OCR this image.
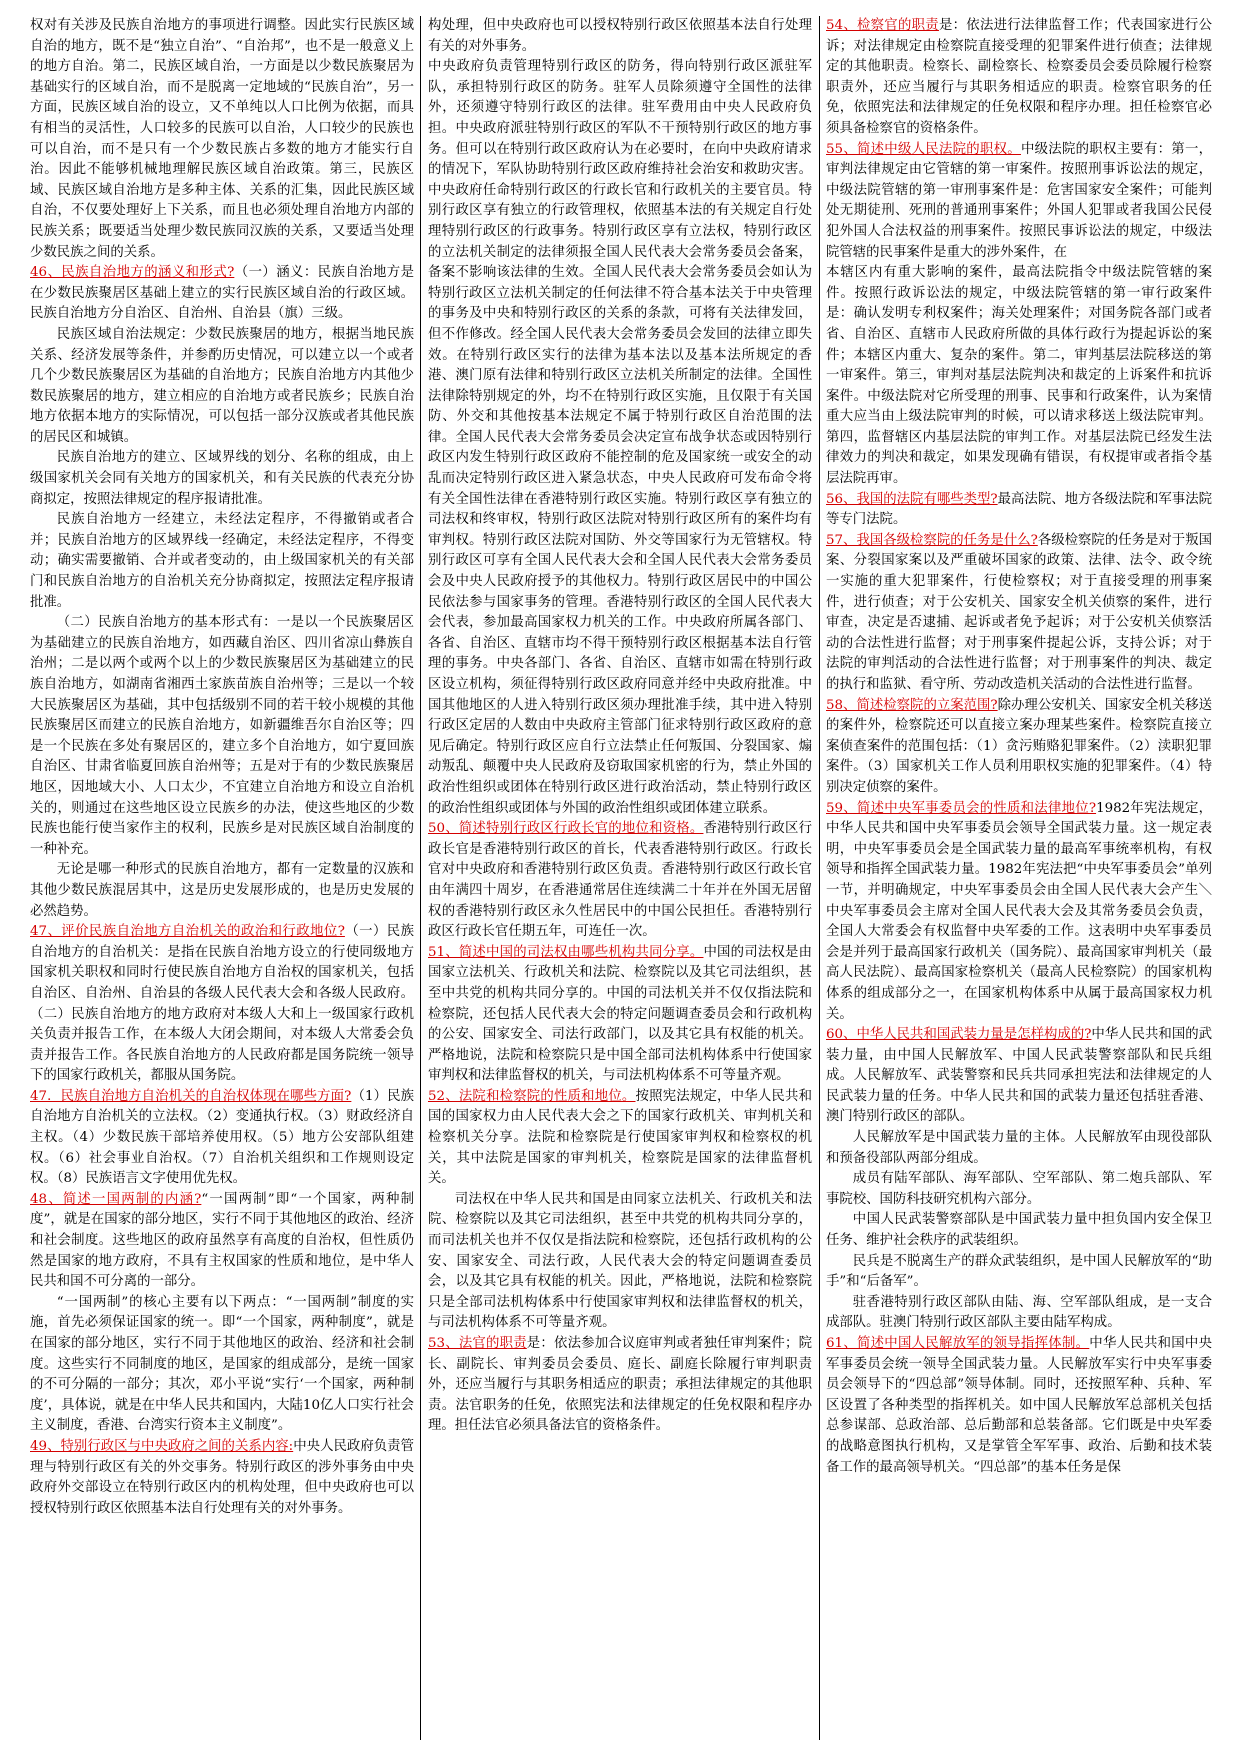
权对有关涉及民族自治地方的事项进行调整。因此实行民族区域自治的地方，既不是“独立自治”、“自治邦”，也不是一般意义上的地方自治。第二，民族区域自治，一方面是以少数民族聚居为基础实行的区域自治，而不是脱离一定地域的“民族自治”，另一方面，民族区域自治的设立，又不单纯以人口比例为依据，而具有相当的灵活性，人口较多的民族可以自治，人口较少的民族也可以自治，而不是只有一个少数民族占多数的地方才能实行自治。因此不能够机械地理解民族区域自治政策。第三，民族区域、民族区域自治地方是多种主体、关系的汇集，因此民族区域自治，不仅要处理好上下关系，而且也必须处理自治地方内部的民族关系；既要适当处理少数民族同汉族的关系，又要适当处理少数民族之间的关系。

46、民族自治地方的涵义和形式?（一）涵义：民族自治地方是在少数民族聚居区基础上建立的实行民族区域自治的行政区域。民族自治地方分自治区、自治州、自治县（旗）三级。

民族区域自治法规定：少数民族聚居的地方，根据当地民族关系、经济发展等条件，并参酌历史情况，可以建立以一个或者几个少数民族聚居区为基础的自治地方；民族自治地方内其他少数民族聚居的地方，建立相应的自治地方或者民族乡；民族自治地方依据本地方的实际情况，可以包括一部分汉族或者其他民族的居民区和城镇。

民族自治地方的建立、区域界线的划分、名称的组成，由上级国家机关会同有关地方的国家机关，和有关民族的代表充分协商拟定，按照法律规定的程序报请批准。

民族自治地方一经建立，未经法定程序，不得撤销或者合并；民族自治地方的区域界线一经确定，未经法定程序，不得变动；确实需要撤销、合并或者变动的，由上级国家机关的有关部门和民族自治地方的自治机关充分协商拟定，按照法定程序报请批准。

（二）民族自治地方的基本形式有：一是以一个民族聚居区为基础建立的民族自治地方，如西藏自治区、四川省凉山彝族自治州；二是以两个或两个以上的少数民族聚居区为基础建立的民族自治地方，如湖南省湘西土家族苗族自治州等；三是以一个较大民族聚居区为基础，其中包括级别不同的若干较小规模的其他民族聚居区而建立的民族自治地方，如新疆维吾尔自治区等；四是一个民族在多处有聚居区的，建立多个自治地方，如宁夏回族自治区、甘肃省临夏回族自治州等；五是对于有的少数民族聚居地区，因地域大小、人口太少，不宜建立自治地方和设立自治机关的，则通过在这些地区设立民族乡的办法，使这些地区的少数民族也能行使当家作主的权利，民族乡是对民族区域自治制度的一种补充。

无论是哪一种形式的民族自治地方，都有一定数量的汉族和其他少数民族混居其中，这是历史发展形成的，也是历史发展的必然趋势。

47、评价民族自治地方自治机关的政治和行政地位?（一）民族自治地方的自治机关：是指在民族自治地方设立的行使同级地方国家机关职权和同时行使民族自治地方自治权的国家机关，包括自治区、自治州、自治县的各级人民代表大会和各级人民政府。（二）民族自治地方的地方政府对本级人大和上一级国家行政机关负责并报告工作，在本级人大闭会期间，对本级人大常委会负责并报告工作。各民族自治地方的人民政府都是国务院统一领导下的国家行政机关，都服从国务院。

47．民族自治地方自治机关的自治权体现在哪些方面?（1）民族自治地方自治机关的立法权。（2）变通执行权。（3）财政经济自主权。（4）少数民族干部培养使用权。（5）地方公安部队组建权。（6）社会事业自治权。（7）自治机关组织和工作规则设定权。（8）民族语言文字使用优先权。

48、简述一国两制的内涵?“一国两制”即“一个国家，两种制度”，就是在国家的部分地区，实行不同于其他地区的政治、经济和社会制度。这些地区的政府虽然享有高度的自治权，但性质仍然是国家的地方政府，不具有主权国家的性质和地位，是中华人民共和国不可分离的一部分。

“一国两制”的核心主要有以下两点：“一国两制”制度的实施，首先必须保证国家的统一。即“一个国家，两种制度”，就是在国家的部分地区，实行不同于其他地区的政治、经济和社会制度。这些实行不同制度的地区，是国家的组成部分，是统一国家的不可分隔的一部分；其次，邓小平说“实行‘一个国家，两种制度’，具体说，就是在中华人民共和国内，大陆10亿人口实行社会主义制度，香港、台湾实行资本主义制度”。

49、特别行政区与中央政府之间的关系内容:中央人民政府负责管理与特别行政区有关的外交事务。特别行政区的涉外事务由中央政府外交部设立在特别行政区内的机构处理，但中央政府也可以授权特别行政区依照基本法自行处理有关的对外事务。

构处理，但中央政府也可以授权特别行政区依照基本法自行处理有关的对外事务。

中央政府负责管理特别行政区的防务，得向特别行政区派驻军队，承担特别行政区的防务。驻军人员除须遵守全国性的法律外，还须遵守特别行政区的法律。驻军费用由中央人民政府负担。中央政府派驻特别行政区的军队不干预特别行政区的地方事务。但可以在特别行政区政府认为在必要时，在向中央政府请求的情况下，军队协助特别行政区政府维持社会治安和救助灾害。中央政府任命特别行政区的行政长官和行政机关的主要官员。特别行政区享有独立的行政管理权，依照基本法的有关规定自行处理特别行政区的行政事务。特别行政区享有立法权，特别行政区的立法机关制定的法律须报全国人民代表大会常务委员会备案，备案不影响该法律的生效。全国人民代表大会常务委员会如认为特别行政区立法机关制定的任何法律不符合基本法关于中央管理的事务及中央和特别行政区的关系的条款，可将有关法律发回，但不作修改。经全国人民代表大会常务委员会发回的法律立即失效。在特别行政区实行的法律为基本法以及基本法所规定的香港、澳门原有法律和特别行政区立法机关所制定的法律。全国性法律除特别规定的外，均不在特别行政区实施，且仅限于有关国防、外交和其他按基本法规定不属于特别行政区自治范围的法律。全国人民代表大会常务委员会决定宣布战争状态或因特别行政区内发生特别行政区政府不能控制的危及国家统一或安全的动乱而决定特别行政区进入紧急状态，中央人民政府可发布命令将有关全国性法律在香港特别行政区实施。特别行政区享有独立的司法权和终审权，特别行政区法院对特别行政区所有的案件均有审判权。特别行政区法院对国防、外交等国家行为无管辖权。特别行政区可享有全国人民代表大会和全国人民代表大会常务委员会及中央人民政府授予的其他权力。特别行政区居民中的中国公民依法参与国家事务的管理。香港特别行政区的全国人民代表大会代表，参加最高国家权力机关的工作。中央政府所属各部门、各省、自治区、直辖市均不得干预特别行政区根据基本法自行管理的事务。中央各部门、各省、自治区、直辖市如需在特别行政区设立机构，须征得特别行政区政府同意并经中央政府批准。中国其他地区的人进入特别行政区须办理批准手续，其中进入特别行政区定居的人数由中央政府主管部门征求特别行政区政府的意见后确定。特别行政区应自行立法禁止任何叛国、分裂国家、煽动叛乱、颠覆中央人民政府及窃取国家机密的行为，禁止外国的政治性组织或团体在特别行政区进行政治活动，禁止特别行政区的政治性组织或团体与外国的政治性组织或团体建立联系。

50、简述特别行政区行政长官的地位和资格。香港特别行政区行政长官是香港特别行政区的首长，代表香港特别行政区。行政长官对中央政府和香港特别行政区负责。香港特别行政区行政长官由年满四十周岁，在香港通常居住连续满二十年并在外国无居留权的香港特别行政区永久性居民中的中国公民担任。香港特别行政区行政长官任期五年，可连任一次。

51、简述中国的司法权由哪些机构共同分享。中国的司法权是由国家立法机关、行政机关和法院、检察院以及其它司法组织，甚至中共党的机构共同分享的。中国的司法机关并不仅仅指法院和检察院，还包括人民代表大会的特定问题调查委员会和行政机构的公安、国家安全、司法行政部门，以及其它具有权能的机关。严格地说，法院和检察院只是中国全部司法机构体系中行使国家审判权和法律监督权的机关，与司法机构体系不可等量齐观。

52、法院和检察院的性质和地位。按照宪法规定，中华人民共和国的国家权力由人民代表大会之下的国家行政机关、审判机关和检察机关分享。法院和检察院是行使国家审判权和检察权的机关，其中法院是国家的审判机关，检察院是国家的法律监督机关。

司法权在中华人民共和国是由同家立法机关、行政机关和法院、检察院以及其它司法组织，甚至中共党的机构共同分享的，而司法机关也并不仅仅是指法院和检察院，还包括行政机构的公安、国家安全、司法行政，人民代表大会的特定问题调查委员会，以及其它具有权能的机关。因此，严格地说，法院和检察院只是全部司法机构体系中行使国家审判权和法律监督权的机关，与司法机构体系不可等量齐观。

53、法官的职责是：依法参加合议庭审判或者独任审判案件；院长、副院长、审判委员会委员、庭长、副庭长除履行审判职责外，还应当履行与其职务相适应的职责；承担法律规定的其他职责。法官职务的任免，依照宪法和法律规定的任免权限和程序办理。担任法官必须具备法官的资格条件。

54、检察官的职责是：依法进行法律监督工作；代表国家进行公诉；对法律规定由检察院直接受理的犯罪案件进行侦查；法律规定的其他职责。检察长、副检察长、检察委员会委员除履行检察职责外，还应当履行与其职务相适应的职责。检察官职务的任免，依照宪法和法律规定的任免权限和程序办理。担任检察官必须具备检察官的资格条件。

55、简述中级人民法院的职权。中级法院的职权主要有：第一，审判法律规定由它管辖的第一审案件。按照刑事诉讼法的规定，中级法院管辖的第一审刑事案件是：危害国家安全案件；可能判处无期徒刑、死刑的普通刑事案件；外国人犯罪或者我国公民侵犯外国人合法权益的刑事案件。按照民事诉讼法的规定，中级法院管辖的民事案件是重大的涉外案件，在

本辖区内有重大影响的案件，最高法院指令中级法院管辖的案件。按照行政诉讼法的规定，中级法院管辖的第一审行政案件是：确认发明专利权案件；海关处理案件；对国务院各部门或者省、自治区、直辖市人民政府所做的具体行政行为提起诉讼的案件；本辖区内重大、复杂的案件。第二，审判基层法院移送的第一审案件。第三，审判对基层法院判决和裁定的上诉案件和抗诉案件。中级法院对它所受理的刑事、民事和行政案件，认为案情重大应当由上级法院审判的时候，可以请求移送上级法院审判。第四，监督辖区内基层法院的审判工作。对基层法院已经发生法律效力的判决和裁定，如果发现确有错误，有权提审或者指令基层法院再审。

56、我国的法院有哪些类型?最高法院、地方各级法院和军事法院等专门法院。

57、我国各级检察院的任务是什么?各级检察院的任务是对于叛国案、分裂国家案以及严重破坏国家的政策、法律、法令、政令统一实施的重大犯罪案件，行使检察权；对于直接受理的刑事案件，进行侦查；对于公安机关、国家安全机关侦察的案件，进行审查，决定是否逮捕、起诉或者免予起诉；对于公安机关侦察活动的合法性进行监督；对于刑事案件提起公诉，支持公诉；对于法院的审判活动的合法性进行监督；对于刑事案件的判决、裁定的执行和监狱、看守所、劳动改造机关活动的合法性进行监督。

58、简述检察院的立案范围?除办理公安机关、国家安全机关移送的案件外，检察院还可以直接立案办理某些案件。检察院直接立案侦查案件的范围包括：（1）贪污贿赂犯罪案件。（2）渎职犯罪案件。（3）国家机关工作人员利用职权实施的犯罪案件。（4）特别决定侦察的案件。

59、简述中央军事委员会的性质和法律地位?1982年宪法规定，中华人民共和国中央军事委员会领导全国武装力量。这一规定表明，中央军事委员会是全国武装力量的最高军事统率机构，有权领导和指挥全国武装力量。1982年宪法把“中央军事委员会”单列一节，并明确规定，中央军事委员会由全国人民代表大会产生＼中央军事委员会主席对全国人民代表大会及其常务委员会负责，全国人大常委会有权监督中央军委的工作。这表明中央军事委员会是并列于最高国家行政机关（国务院）、最高国家审判机关（最高人民法院）、最高国家检察机关（最高人民检察院）的国家机构体系的组成部分之一，在国家机构体系中从属于最高国家权力机关。

60、中华人民共和国武装力量是怎样构成的?中华人民共和国的武装力量，由中国人民解放军、中国人民武装警察部队和民兵组成。人民解放军、武装警察和民兵共同承担宪法和法律规定的人民武装力量的任务。中华人民共和国的武装力量还包括驻香港、澳门特别行政区的部队。

人民解放军是中国武装力量的主体。人民解放军由现役部队和预备役部队两部分组成。

成员有陆军部队、海军部队、空军部队、第二炮兵部队、军事院校、国防科技研究机构六部分。

中国人民武装警察部队是中国武装力量中担负国内安全保卫任务、维护社会秩序的武装组织。

民兵是不脱离生产的群众武装组织，是中国人民解放军的“助手”和“后备军”。

驻香港特别行政区部队由陆、海、空军部队组成，是一支合成部队。驻澳门特别行政区部队主要由陆军构成。

61、简述中国人民解放军的领导指挥体制。中华人民共和国中央军事委员会统一领导全国武装力量。人民解放军实行中央军事委员会领导下的“四总部”领导体制。同时，还按照军种、兵种、军区设置了各种类型的指挥机关。如中国人民解放军总部机关包括总参谋部、总政治部、总后勤部和总装备部。它们既是中央军委的战略意图执行机构，又是掌管全军军事、政治、后勤和技术装备工作的最高领导机关。“四总部”的基本任务是保
